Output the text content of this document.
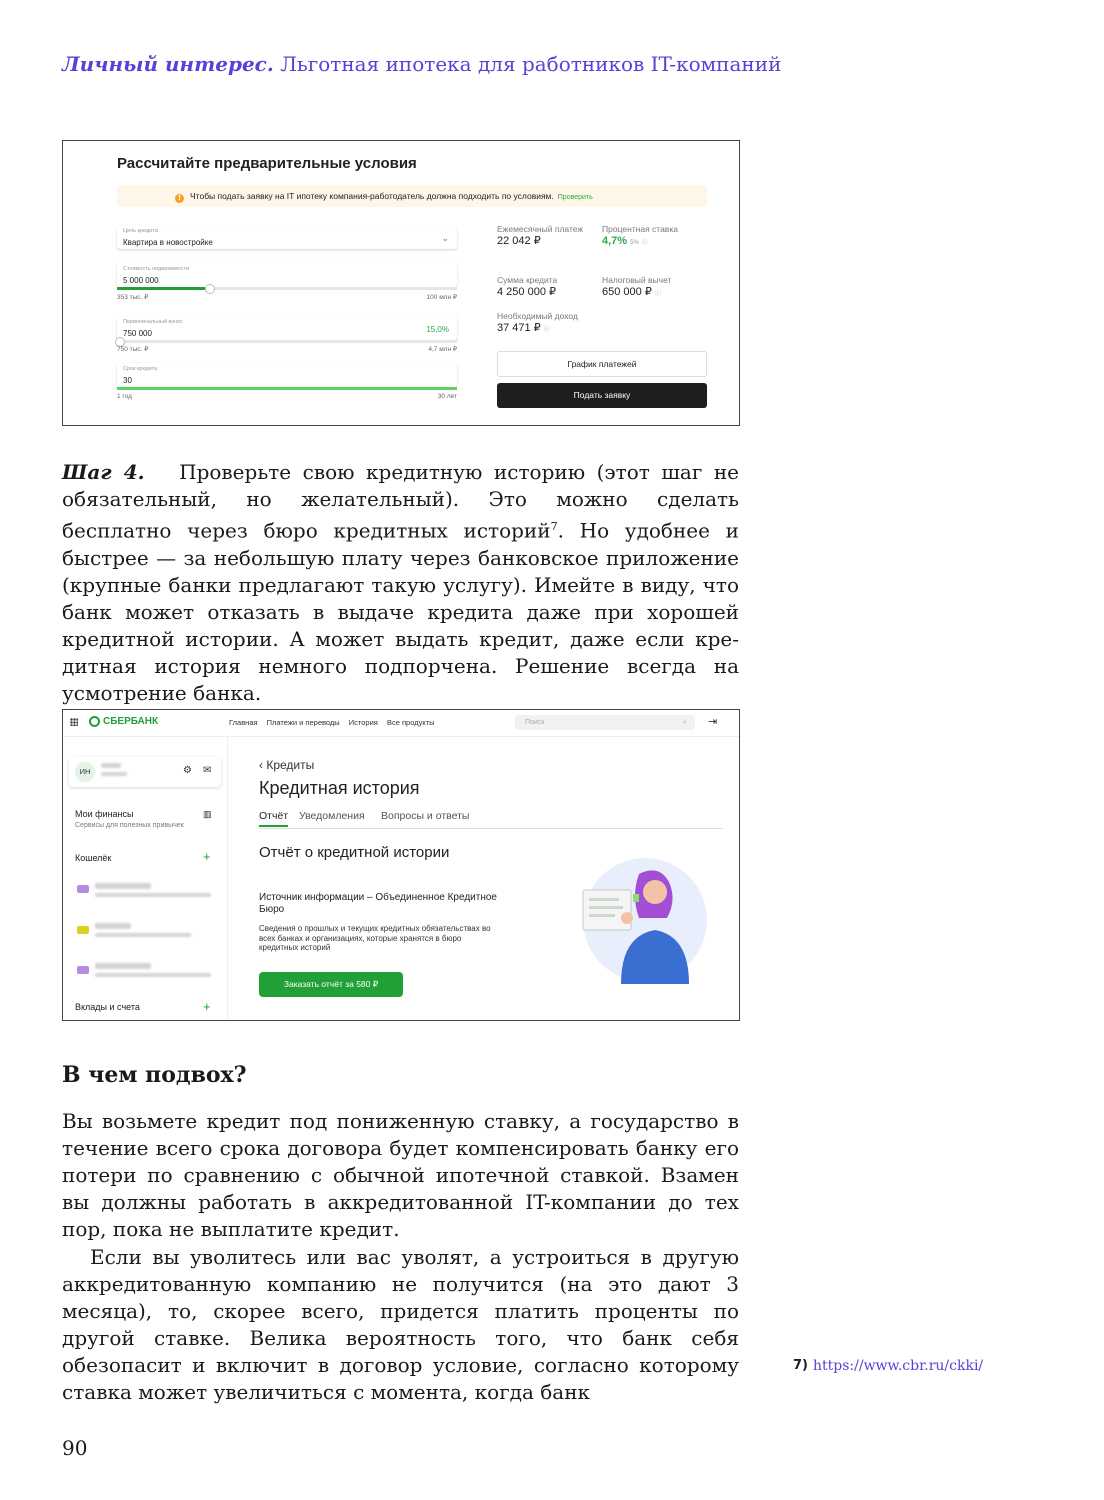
Личный интерес. Льготная ипотека для работников IT-компаний
Рассчитайте предварительные условия
! Чтобы подать заявку на IT ипотеку компания-работодатель должна подходить по условиям. Проверить
Цель кредита
Квартира в новостройке	⌄
Стоимость недвижимости
5 000 000
353 тыс. ₽	100 млн ₽
Первоначальный взнос
750 000	15,0%
750 тыс. ₽	4,7 млн ₽
Срок кредита
30
1 год	30 лет
Ежемесячный платеж
22 042 ₽
Процентная ставка
4,7% 5% ⓘ
Сумма кредита
4 250 000 ₽
Налоговый вычет
650 000 ₽ ⓘ
Необходимый доход
37 471 ₽ ⓘ
График платежей
Подать заявку
Шаг 4. Проверьте свою кредитную историю (этот шаг не обязательный, но желательный). Это можно сделать бесплатно через бюро кредитных историй$^7$. Но удобнее и быстрее — за небольшую плату через банковское приложение (крупные банки предлагают такую услугу). Имейте в виду, что банк может отказать в выдаче кредита даже при хорошей кредитной истории. А может выдать кредит, даже если кредитная история немного подпорчена. Решение всегда на усмотрение банка.
СБЕРБАНК	Главная Платежи и переводы История Все продукты	Поиск	⌕ ⇥
ИН	⚙ ✉
Мои финансы
Сервисы для полезных привычек
▥
Кошелёк	+
Вклады и счета	+
‹ Кредиты
Кредитная история
Отчёт Уведомления Вопросы и ответы
Отчёт о кредитной истории
Источник информации – Объединенное Кредитное Бюро
Сведения о прошлых и текущих кредитных обязательствах во всех банках и организациях, которые хранятся в бюро кредитных историй
Заказать отчёт за 580 ₽
В чем подвох?
Вы возьмете кредит под пониженную ставку, а государство в течение всего срока договора будет компенсировать банку его потери по сравнению с обычной ипотечной ставкой. Взамен вы должны работать в аккредитованной IT-компании до тех пор, пока не выплатите кредит.
Если вы уволитесь или вас уволят, а устроиться в другую аккредитованную компанию не получится (на это дают 3 месяца), то, скорее всего, придется платить проценты по другой ставке. Велика вероятность того, что банк себя обезопасит и включит в договор условие, согласно которому ставка может увеличиться с момента, когда банк
7) https://www.cbr.ru/ckki/
90
